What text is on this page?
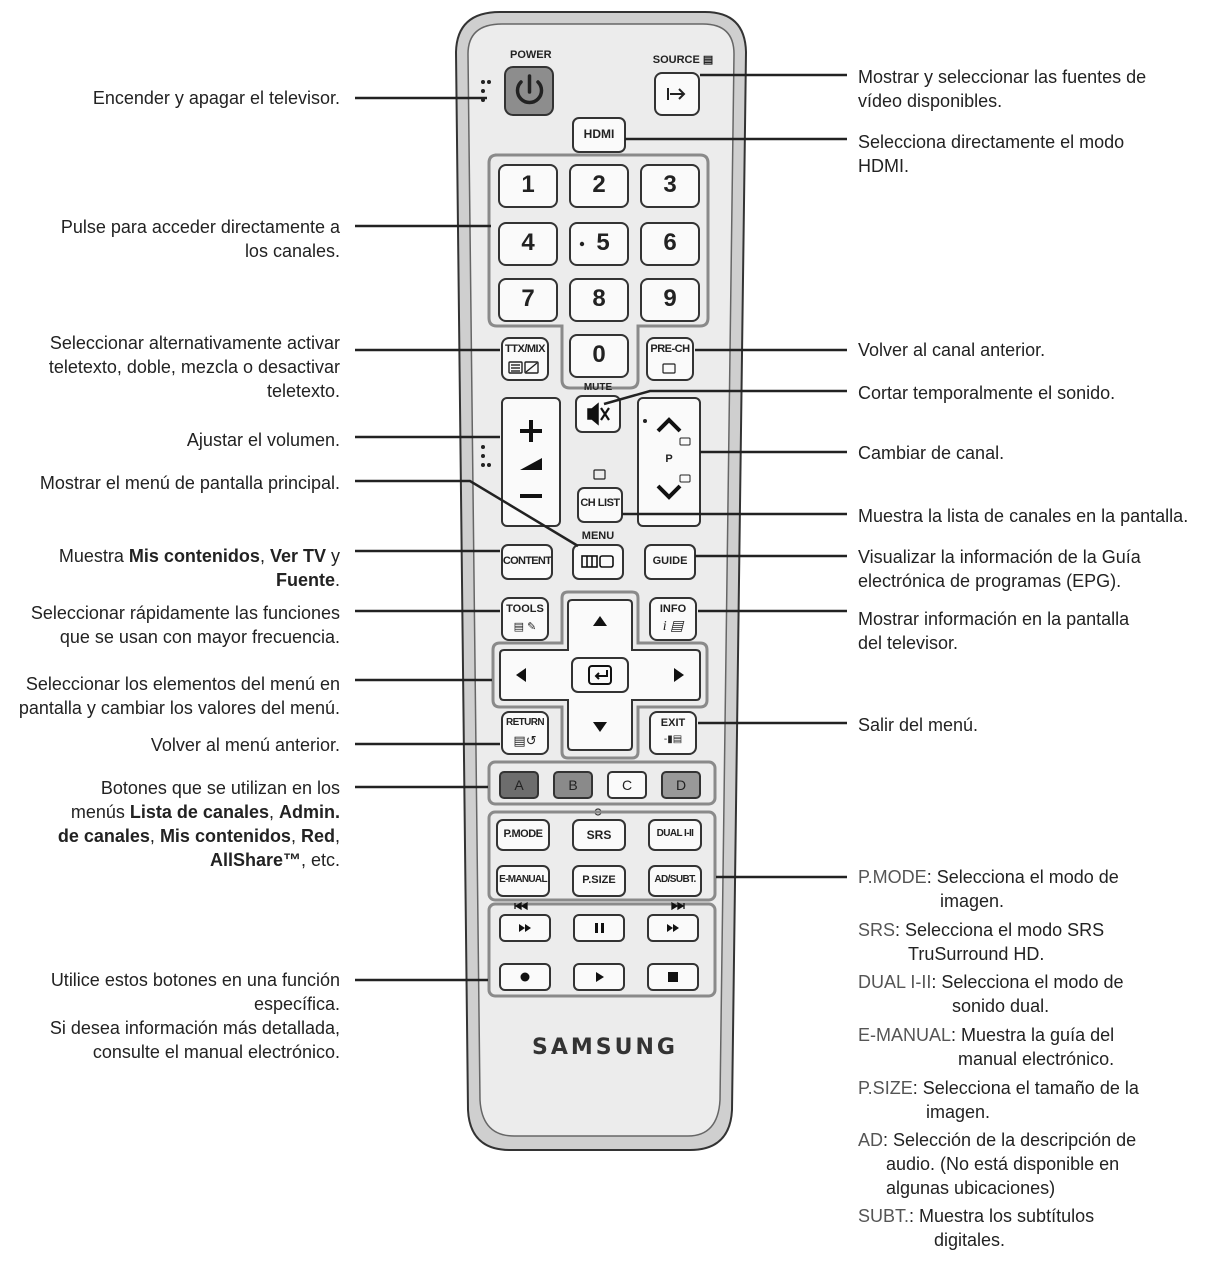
POWER	SOURCE ▤
HDMI
1	2	3
4	5	6
7	8	9
0
TTX/MIX	PRE-CH
MUTE
P
CH LIST
MENU
CONTENT	GUIDE
TOOLS
▤ ✎
INFO
i ▤
RETURN
▤↺
EXIT
-▮▤
A	B	C	D
P.MODE	SRS	DUAL I-II
E-MANUAL	P.SIZE	AD/SUBT.
SAMSUNG
Encender y apagar el televisor.
Pulse para acceder directamente a
los canales.
Seleccionar alternativamente activar
teletexto, doble, mezcla o desactivar
teletexto.
Ajustar el volumen.
Mostrar el menú de pantalla principal.
Muestra Mis contenidos, Ver TV y
Fuente.
Seleccionar rápidamente las funciones
que se usan con mayor frecuencia.
Seleccionar los elementos del menú en
pantalla y cambiar los valores del menú.
Volver al menú anterior.
Botones que se utilizan en los
menús Lista de canales, Admin.
de canales, Mis contenidos, Red,
AllShare™, etc.
Utilice estos botones en una función
específica.
Si desea información más detallada,
consulte el manual electrónico.
Mostrar y seleccionar las fuentes de
vídeo disponibles.
Selecciona directamente el modo
HDMI.
Volver al canal anterior.
Cortar temporalmente el sonido.
Cambiar de canal.
Muestra la lista de canales en la pantalla.
Visualizar la información de la Guía
electrónica de programas (EPG).
Mostrar información en la pantalla
del televisor.
Salir del menú.
P.MODE: Selecciona el modo de
imagen.
SRS: Selecciona el modo SRS
TruSurround HD.
DUAL I-II: Selecciona el modo de
sonido dual.
E-MANUAL: Muestra la guía del
manual electrónico.
P.SIZE: Selecciona el tamaño de la
imagen.
AD: Selección de la descripción de
audio. (No está disponible en
algunas ubicaciones)
SUBT.: Muestra los subtítulos
digitales.
